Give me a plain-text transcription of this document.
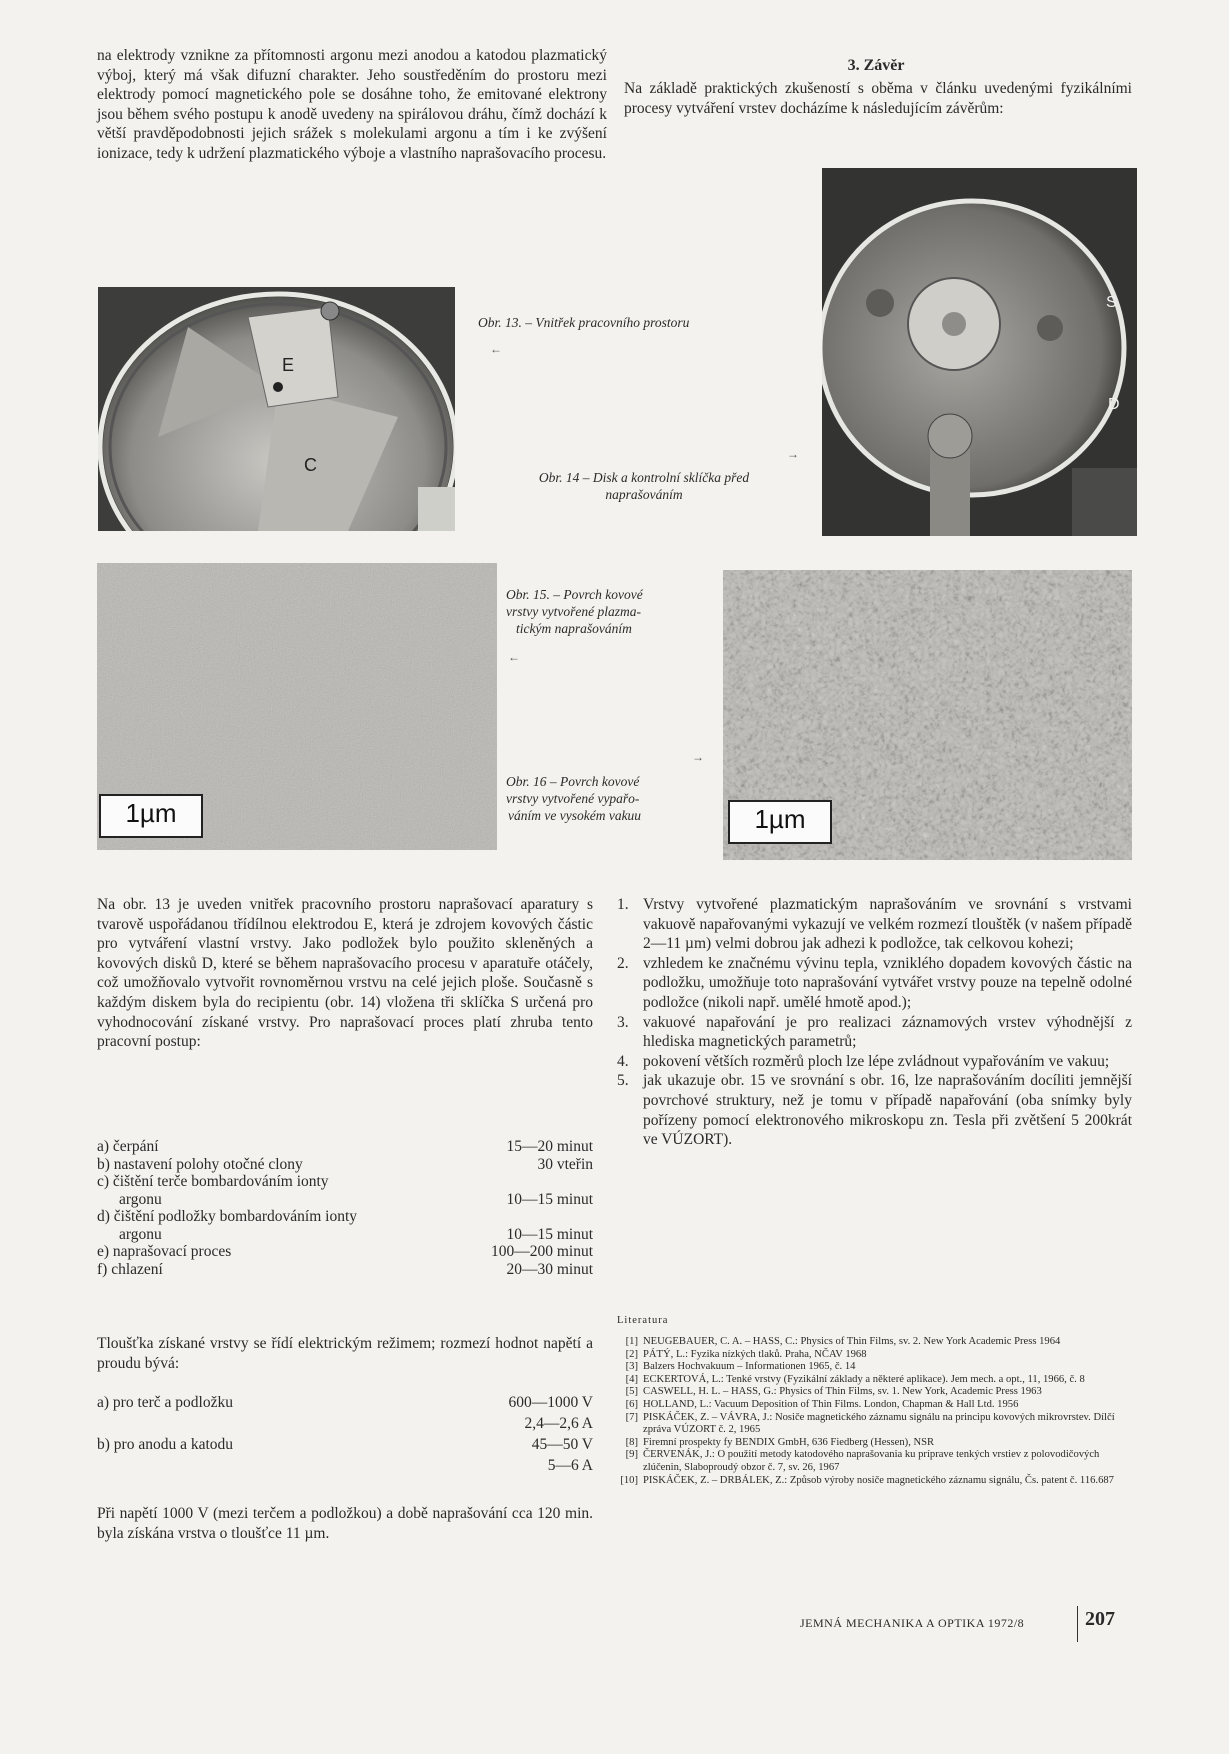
na elektrody vznikne za přítomnosti argonu mezi anodou a katodou plazmatický výboj, který má však difuzní charakter. Jeho soustředěním do prostoru mezi elektrody pomocí magnetického pole se dosáhne toho, že emitované elektrony jsou během svého postupu k anodě uvedeny na spirálovou dráhu, čímž dochází k větší pravděpodobnosti jejich srážek s molekulami argonu a tím i ke zvýšení ionizace, tedy k udržení plazmatického výboje a vlastního naprašovacího procesu.
3. Závěr
Na základě praktických zkušeností s oběma v článku uvedenými fyzikálními procesy vytváření vrstev docházíme k následujícím závěrům:
E
C
Obr. 13. – Vnitřek pracovního prostoru
←
S
D
→
Obr. 14 – Disk a kontrolní sklíčka před
naprašováním
1µm
Obr. 15. – Povrch kovové
vrstvy vytvořené plazma-
tickým naprašováním
←
1µm
→
Obr. 16 – Povrch kovové
vrstvy vytvořené vypařo-
váním ve vysokém vakuu
Na obr. 13 je uveden vnitřek pracovního prostoru naprašovací aparatury s tvarově uspořádanou třídílnou elektrodou E, která je zdrojem kovových částic pro vytváření vlastní vrstvy. Jako podložek bylo použito skleněných a kovových disků D, které se během naprašovacího procesu v aparatuře otáčely, což umožňovalo vytvořit rovnoměrnou vrstvu na celé jejich ploše. Současně s každým diskem byla do recipientu (obr. 14) vložena tři sklíčka S určená pro vyhodnocování získané vrstvy. Pro naprašovací proces platí zhruba tento pracovní postup:
a) čerpání	15—20 minut
b) nastavení polohy otočné clony	30 vteřin
c) čištění terče bombardováním ionty
argonu	10—15 minut
d) čištění podložky bombardováním ionty
argonu	10—15 minut
e) naprašovací proces	100—200 minut
f) chlazení	20—30 minut
Tloušťka získané vrstvy se řídí elektrickým režimem; rozmezí hodnot napětí a proudu bývá:
a) pro terč a podložku	600—1000 V
2,4—2,6 A
b) pro anodu a katodu	45—50 V
5—6 A
Při napětí 1000 V (mezi terčem a podložkou) a době naprašování cca 120 min. byla získána vrstva o tloušťce 11 µm.
1. Vrstvy vytvořené plazmatickým naprašováním ve srovnání s vrstvami vakuově napařovanými vykazují ve velkém rozmezí tlouštěk (v našem případě 2—11 µm) velmi dobrou jak adhezi k podložce, tak celkovou kohezi;
2. vzhledem ke značnému vývinu tepla, vzniklého dopadem kovových částic na podložku, umožňuje toto naprašování vytvářet vrstvy pouze na tepelně odolné podložce (nikoli např. umělé hmotě apod.);
3. vakuové napařování je pro realizaci záznamových vrstev výhodnější z hlediska magnetických parametrů;
4. pokovení větších rozměrů ploch lze lépe zvládnout vypařováním ve vakuu;
5. jak ukazuje obr. 15 ve srovnání s obr. 16, lze naprašováním docíliti jemnější povrchové struktury, než je tomu v případě napařování (oba snímky byly pořízeny pomocí elektronového mikroskopu zn. Tesla při zvětšení 5 200krát ve VÚZORT).
Literatura
[1] NEUGEBAUER, C. A. – HASS, C.: Physics of Thin Films, sv. 2. New York Academic Press 1964
[2] PÁTÝ, L.: Fyzika nízkých tlaků. Praha, NČAV 1968
[3] Balzers Hochvakuum – Informationen 1965, č. 14
[4] ECKERTOVÁ, L.: Tenké vrstvy (Fyzikální základy a některé aplikace). Jem mech. a opt., 11, 1966, č. 8
[5] CASWELL, H. L. – HASS, G.: Physics of Thin Films, sv. 1. New York, Academic Press 1963
[6] HOLLAND, L.: Vacuum Deposition of Thin Films. London, Chapman & Hall Ltd. 1956
[7] PISKÁČEK, Z. – VÁVRA, J.: Nosiče magnetického záznamu signálu na principu kovových mikrovrstev. Dílčí zpráva VÚZORT č. 2, 1965
[8] Firemní prospekty fy BENDIX GmbH, 636 Fiedberg (Hessen), NSR
[9] ČERVENÁK, J.: O použití metody katodového naprašovania ku príprave tenkých vrstiev z polovodičových zlúčenin, Slaboproudý obzor č. 7, sv. 26, 1967
[10] PISKÁČEK, Z. – DRBÁLEK, Z.: Způsob výroby nosiče magnetického záznamu signálu, Čs. patent č. 116.687
JEMNÁ MECHANIKA A OPTIKA 1972/8	207
